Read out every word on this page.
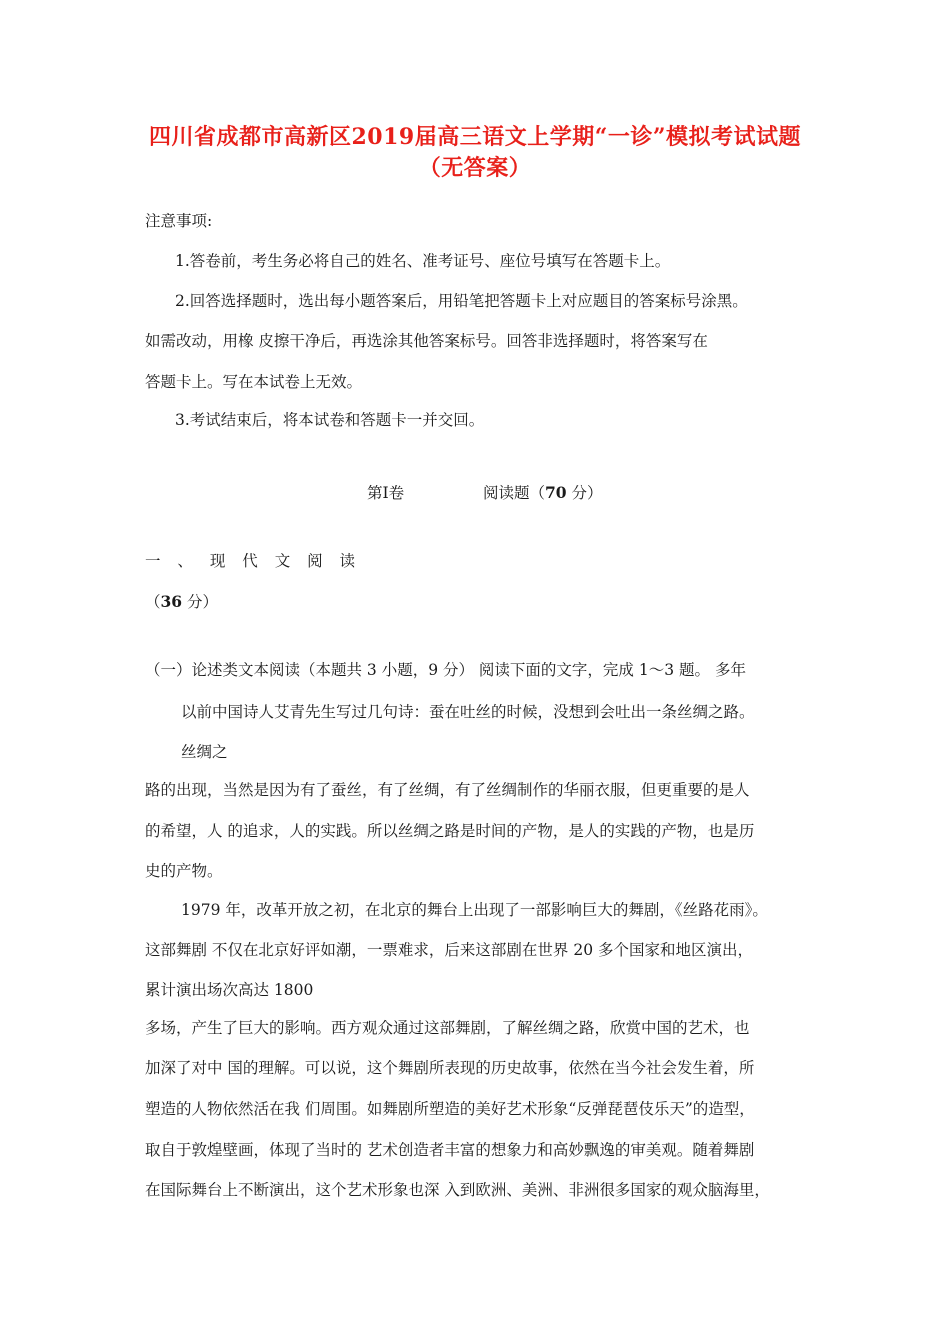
四川省成都市高新区2019届高三语文上学期“一诊”模拟考试试题
（无答案）
注意事项:
1.答卷前，考生务必将自己的姓名、准考证号、座位号填写在答题卡上。
2.回答选择题时，选出每小题答案后，用铅笔把答题卡上对应题目的答案标号涂黑。
如需改动，用橡 皮擦干净后，再选涂其他答案标号。回答非选择题时，将答案写在
答题卡上。写在本试卷上无效。
3.考试结束后，将本试卷和答题卡一并交回。
第Ⅰ卷	阅读题（70 分）
一 、 现 代 文 阅 读
（36 分）
（一）论述类文本阅读（本题共 3 小题，9 分） 阅读下面的文字，完成 1～3 题。 多年
以前中国诗人艾青先生写过几句诗：蚕在吐丝的时候，没想到会吐出一条丝绸之路。
丝绸之
路的出现，当然是因为有了蚕丝，有了丝绸，有了丝绸制作的华丽衣服，但更重要的是人
的希望，人 的追求，人的实践。所以丝绸之路是时间的产物，是人的实践的产物，也是历
史的产物。
1979 年，改革开放之初，在北京的舞台上出现了一部影响巨大的舞剧，《丝路花雨》。
这部舞剧 不仅在北京好评如潮，一票难求，后来这部剧在世界 20 多个国家和地区演出，
累计演出场次高达 1800
多场，产生了巨大的影响。西方观众通过这部舞剧，了解丝绸之路，欣赏中国的艺术，也
加深了对中 国的理解。可以说，这个舞剧所表现的历史故事，依然在当今社会发生着，所
塑造的人物依然活在我 们周围。如舞剧所塑造的美好艺术形象“反弹琵琶伎乐天”的造型，
取自于敦煌壁画，体现了当时的 艺术创造者丰富的想象力和高妙飘逸的审美观。随着舞剧
在国际舞台上不断演出，这个艺术形象也深 入到欧洲、美洲、非洲很多国家的观众脑海里，
